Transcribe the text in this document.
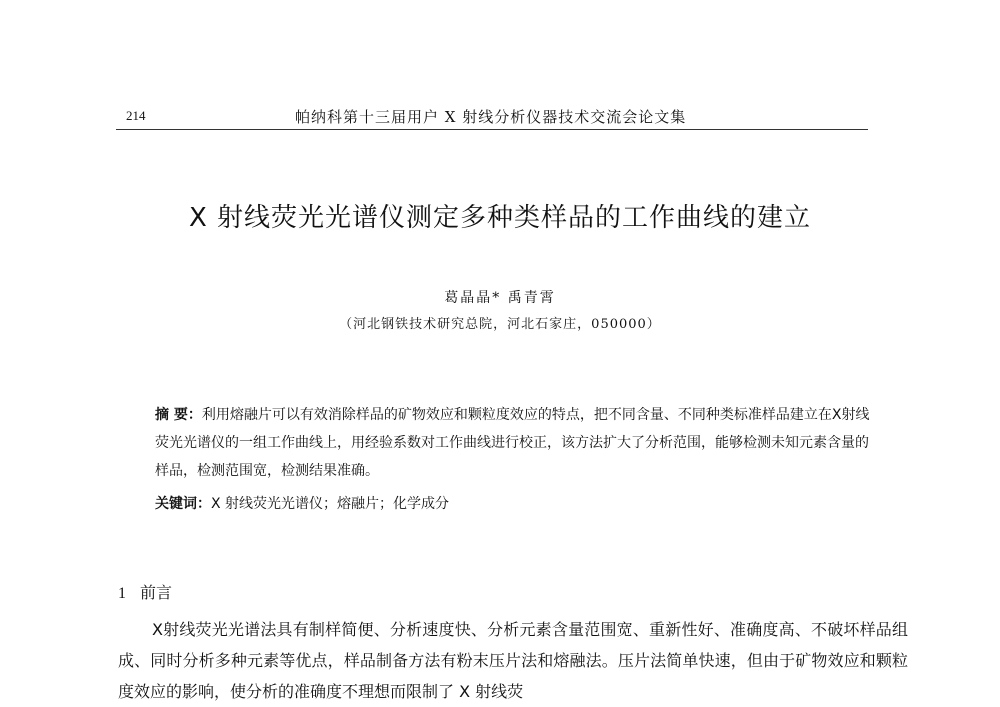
214	帕纳科第十三届用户 X 射线分析仪器技术交流会论文集
X 射线荧光光谱仪测定多种类样品的工作曲线的建立
葛晶晶* 禹青霄
（河北钢铁技术研究总院，河北石家庄，050000）
摘 要：利用熔融片可以有效消除样品的矿物效应和颗粒度效应的特点，把不同含量、不同种类标准样品建立在X射线荧光光谱仪的一组工作曲线上，用经验系数对工作曲线进行校正，该方法扩大了分析范围，能够检测未知元素含量的样品，检测范围宽，检测结果准确。
关键词：X 射线荧光光谱仪；熔融片；化学成分
1 前言
X射线荧光光谱法具有制样简便、分析速度快、分析元素含量范围宽、重新性好、准确度高、不破坏样品组成、同时分析多种元素等优点，样品制备方法有粉末压片法和熔融法。压片法简单快速，但由于矿物效应和颗粒度效应的影响，使分析的准确度不理想而限制了 X 射线荧
